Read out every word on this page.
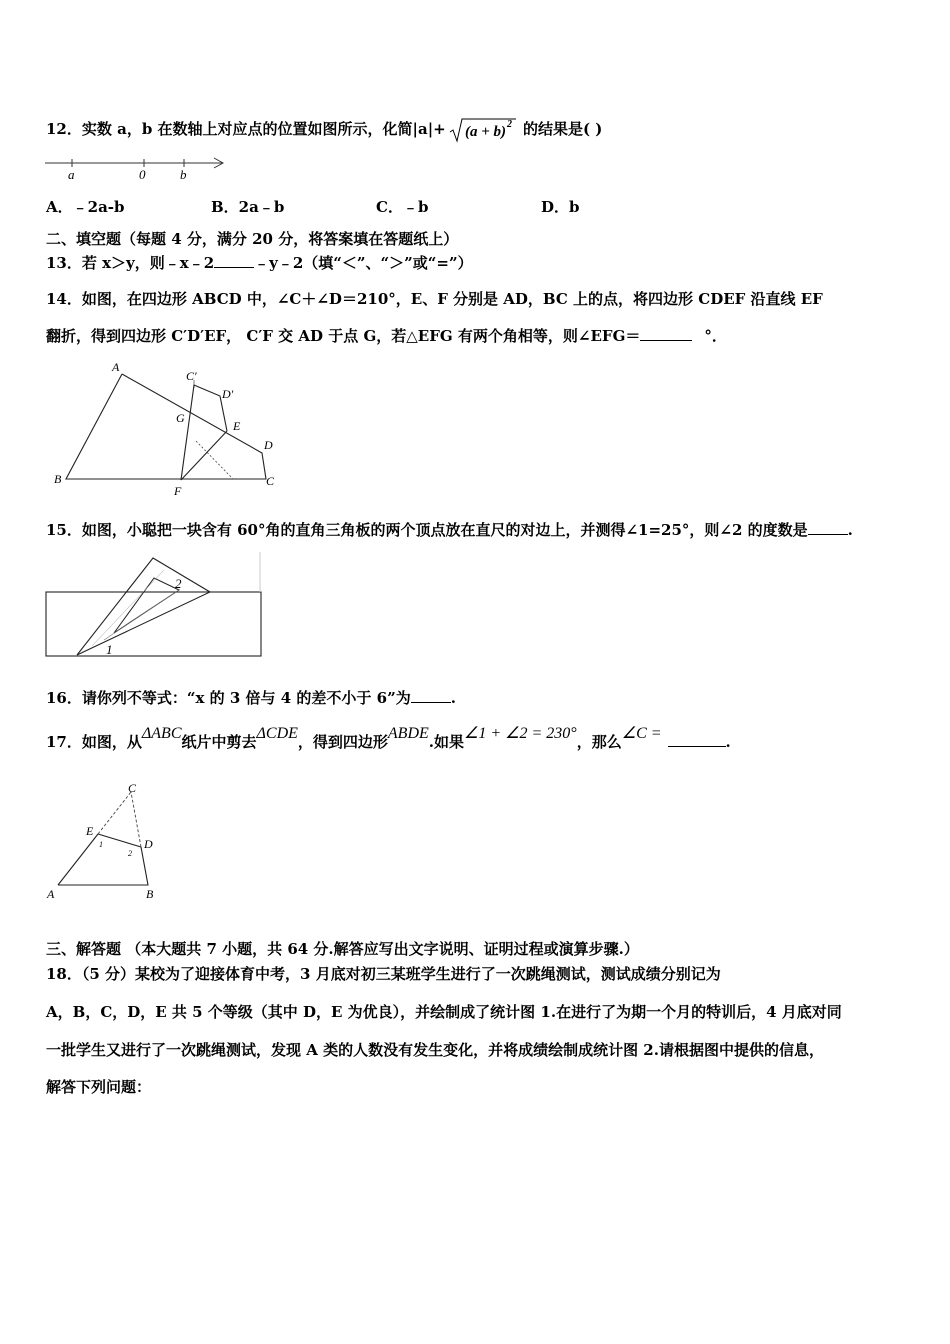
12．实数 a，b 在数轴上对应点的位置如图所示，化简|a|+ (a + b) 2 的结果是( )
a	0	b
A．﹣2a-b	B．2a﹣b	C．﹣b	D．b
二、填空题（每题 4 分，满分 20 分，将答案填在答题纸上）
13．若 x＞y，则﹣x﹣2	﹣y﹣2（填“＜”、“＞”或“=”）
14．如图，在四边形 ABCD 中，∠C＋∠D＝210°，E、F 分别是 AD，BC 上的点，将四边形 CDEF 沿直线 EF
翻折，得到四边形 C′D′EF， C′F 交 AD 于点 G，若△EFG 有两个角相等，则∠EFG＝	°．
A
C′
D′
G
E
D
B
F
C
15．如图，小聪把一块含有 60°角的直角三角板的两个顶点放在直尺的对边上，并测得∠1=25°，则∠2 的度数是	.
2
1
16．请你列不等式：“x 的 3 倍与 4 的差不小于 6”为	.
17．如图，从ΔABC纸片中剪去ΔCDE，得到四边形ABDE.如果∠1 + ∠2 = 230°，那么∠C =	.
C
E
D
1
2
A	B
三、解答题 （本大题共 7 小题，共 64 分.解答应写出文字说明、证明过程或演算步骤.）
18．（5 分）某校为了迎接体育中考，3 月底对初三某班学生进行了一次跳绳测试，测试成绩分别记为
A，B，C，D，E 共 5 个等级（其中 D，E 为优良），并绘制成了统计图 1.在进行了为期一个月的特训后，4 月底对同
一批学生又进行了一次跳绳测试，发现 A 类的人数没有发生变化，并将成绩绘制成统计图 2.请根据图中提供的信息，
解答下列问题：
